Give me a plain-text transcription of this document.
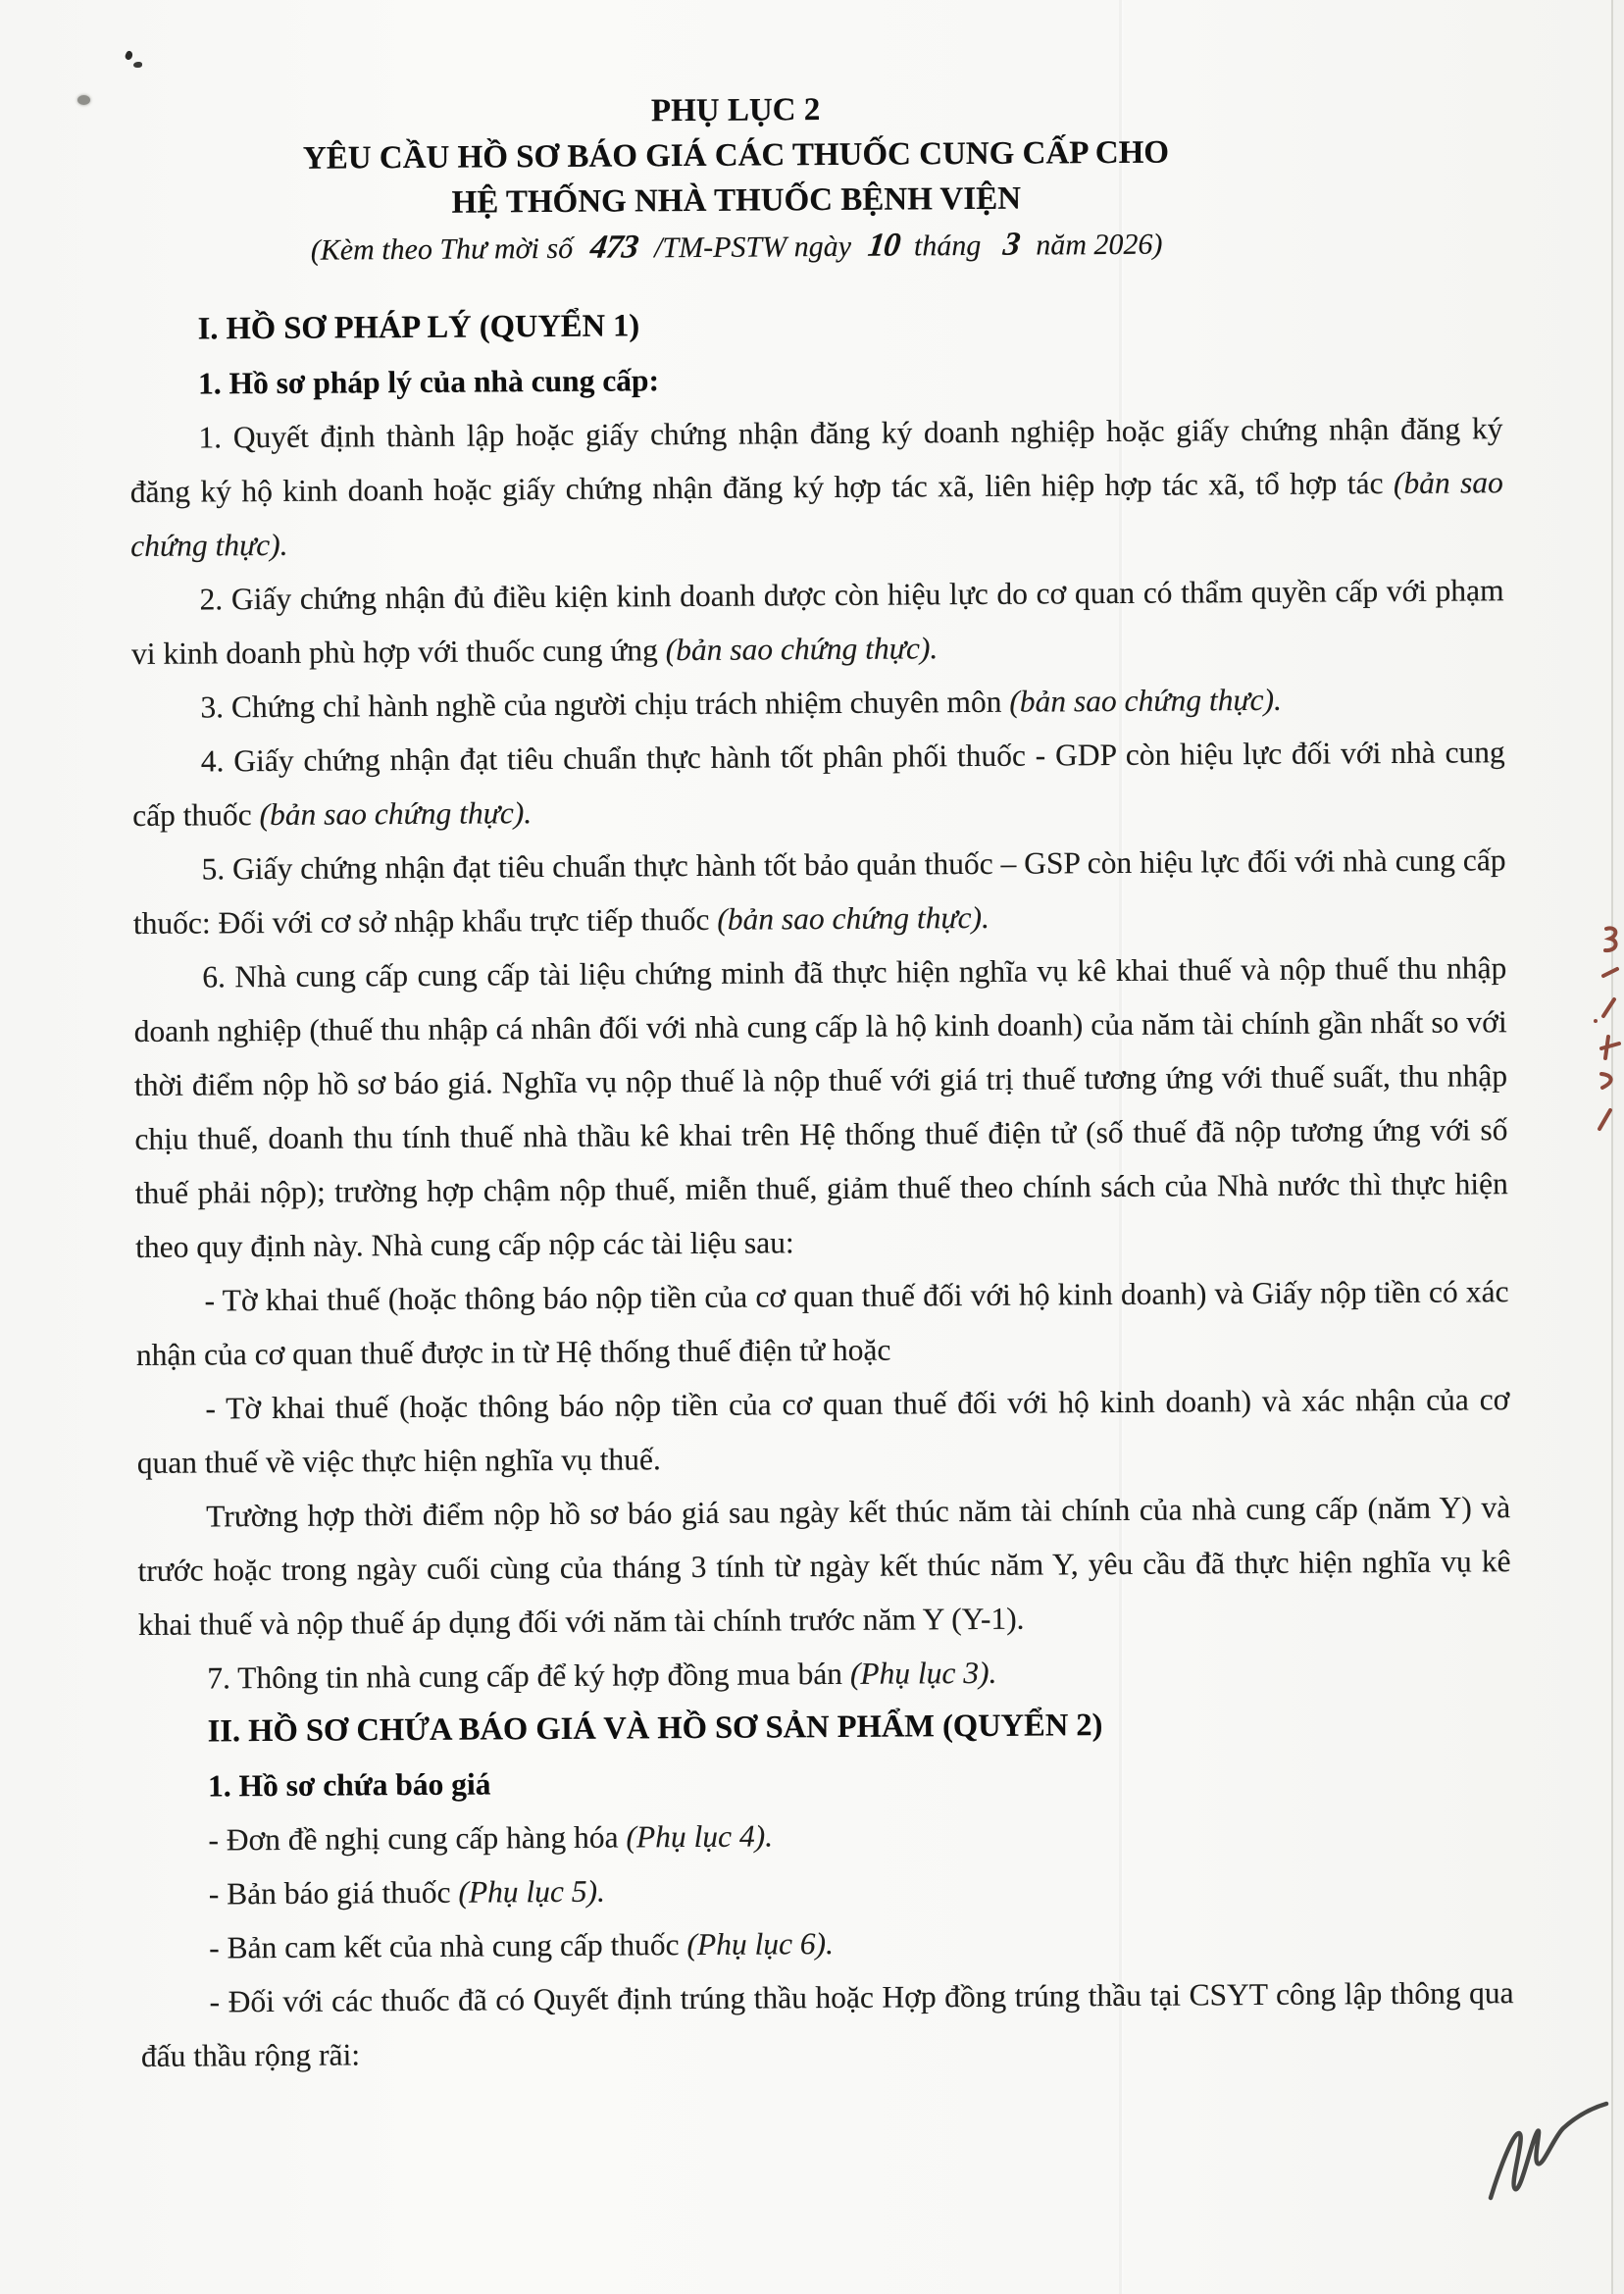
PHỤ LỤC 2
YÊU CẦU HỒ SƠ BÁO GIÁ CÁC THUỐC CUNG CẤP CHO
HỆ THỐNG NHÀ THUỐC BỆNH VIỆN
(Kèm theo Thư mời số 473 /TM-PSTW ngày 10 tháng 3 năm 2026)

I. HỒ SƠ PHÁP LÝ (QUYỂN 1)

1. Hồ sơ pháp lý của nhà cung cấp:

1. Quyết định thành lập hoặc giấy chứng nhận đăng ký doanh nghiệp hoặc giấy chứng nhận đăng ký đăng ký hộ kinh doanh hoặc giấy chứng nhận đăng ký hợp tác xã, liên hiệp hợp tác xã, tổ hợp tác (bản sao chứng thực).

2. Giấy chứng nhận đủ điều kiện kinh doanh dược còn hiệu lực do cơ quan có thẩm quyền cấp với phạm vi kinh doanh phù hợp với thuốc cung ứng (bản sao chứng thực).

3. Chứng chỉ hành nghề của người chịu trách nhiệm chuyên môn (bản sao chứng thực).

4. Giấy chứng nhận đạt tiêu chuẩn thực hành tốt phân phối thuốc - GDP còn hiệu lực đối với nhà cung cấp thuốc (bản sao chứng thực).

5. Giấy chứng nhận đạt tiêu chuẩn thực hành tốt bảo quản thuốc – GSP còn hiệu lực đối với nhà cung cấp thuốc: Đối với cơ sở nhập khẩu trực tiếp thuốc (bản sao chứng thực).

6. Nhà cung cấp cung cấp tài liệu chứng minh đã thực hiện nghĩa vụ kê khai thuế và nộp thuế thu nhập doanh nghiệp (thuế thu nhập cá nhân đối với nhà cung cấp là hộ kinh doanh) của năm tài chính gần nhất so với thời điểm nộp hồ sơ báo giá. Nghĩa vụ nộp thuế là nộp thuế với giá trị thuế tương ứng với thuế suất, thu nhập chịu thuế, doanh thu tính thuế nhà thầu kê khai trên Hệ thống thuế điện tử (số thuế đã nộp tương ứng với số thuế phải nộp); trường hợp chậm nộp thuế, miễn thuế, giảm thuế theo chính sách của Nhà nước thì thực hiện theo quy định này. Nhà cung cấp nộp các tài liệu sau:

- Tờ khai thuế (hoặc thông báo nộp tiền của cơ quan thuế đối với hộ kinh doanh) và Giấy nộp tiền có xác nhận của cơ quan thuế được in từ Hệ thống thuế điện tử hoặc

- Tờ khai thuế (hoặc thông báo nộp tiền của cơ quan thuế đối với hộ kinh doanh) và xác nhận của cơ quan thuế về việc thực hiện nghĩa vụ thuế.

Trường hợp thời điểm nộp hồ sơ báo giá sau ngày kết thúc năm tài chính của nhà cung cấp (năm Y) và trước hoặc trong ngày cuối cùng của tháng 3 tính từ ngày kết thúc năm Y, yêu cầu đã thực hiện nghĩa vụ kê khai thuế và nộp thuế áp dụng đối với năm tài chính trước năm Y (Y-1).

7. Thông tin nhà cung cấp để ký hợp đồng mua bán (Phụ lục 3).

II. HỒ SƠ CHỨA BÁO GIÁ VÀ HỒ SƠ SẢN PHẨM (QUYỂN 2)

1. Hồ sơ chứa báo giá

- Đơn đề nghị cung cấp hàng hóa (Phụ lục 4).

- Bản báo giá thuốc (Phụ lục 5).

- Bản cam kết của nhà cung cấp thuốc (Phụ lục 6).

- Đối với các thuốc đã có Quyết định trúng thầu hoặc Hợp đồng trúng thầu tại CSYT công lập thông qua đấu thầu rộng rãi:
